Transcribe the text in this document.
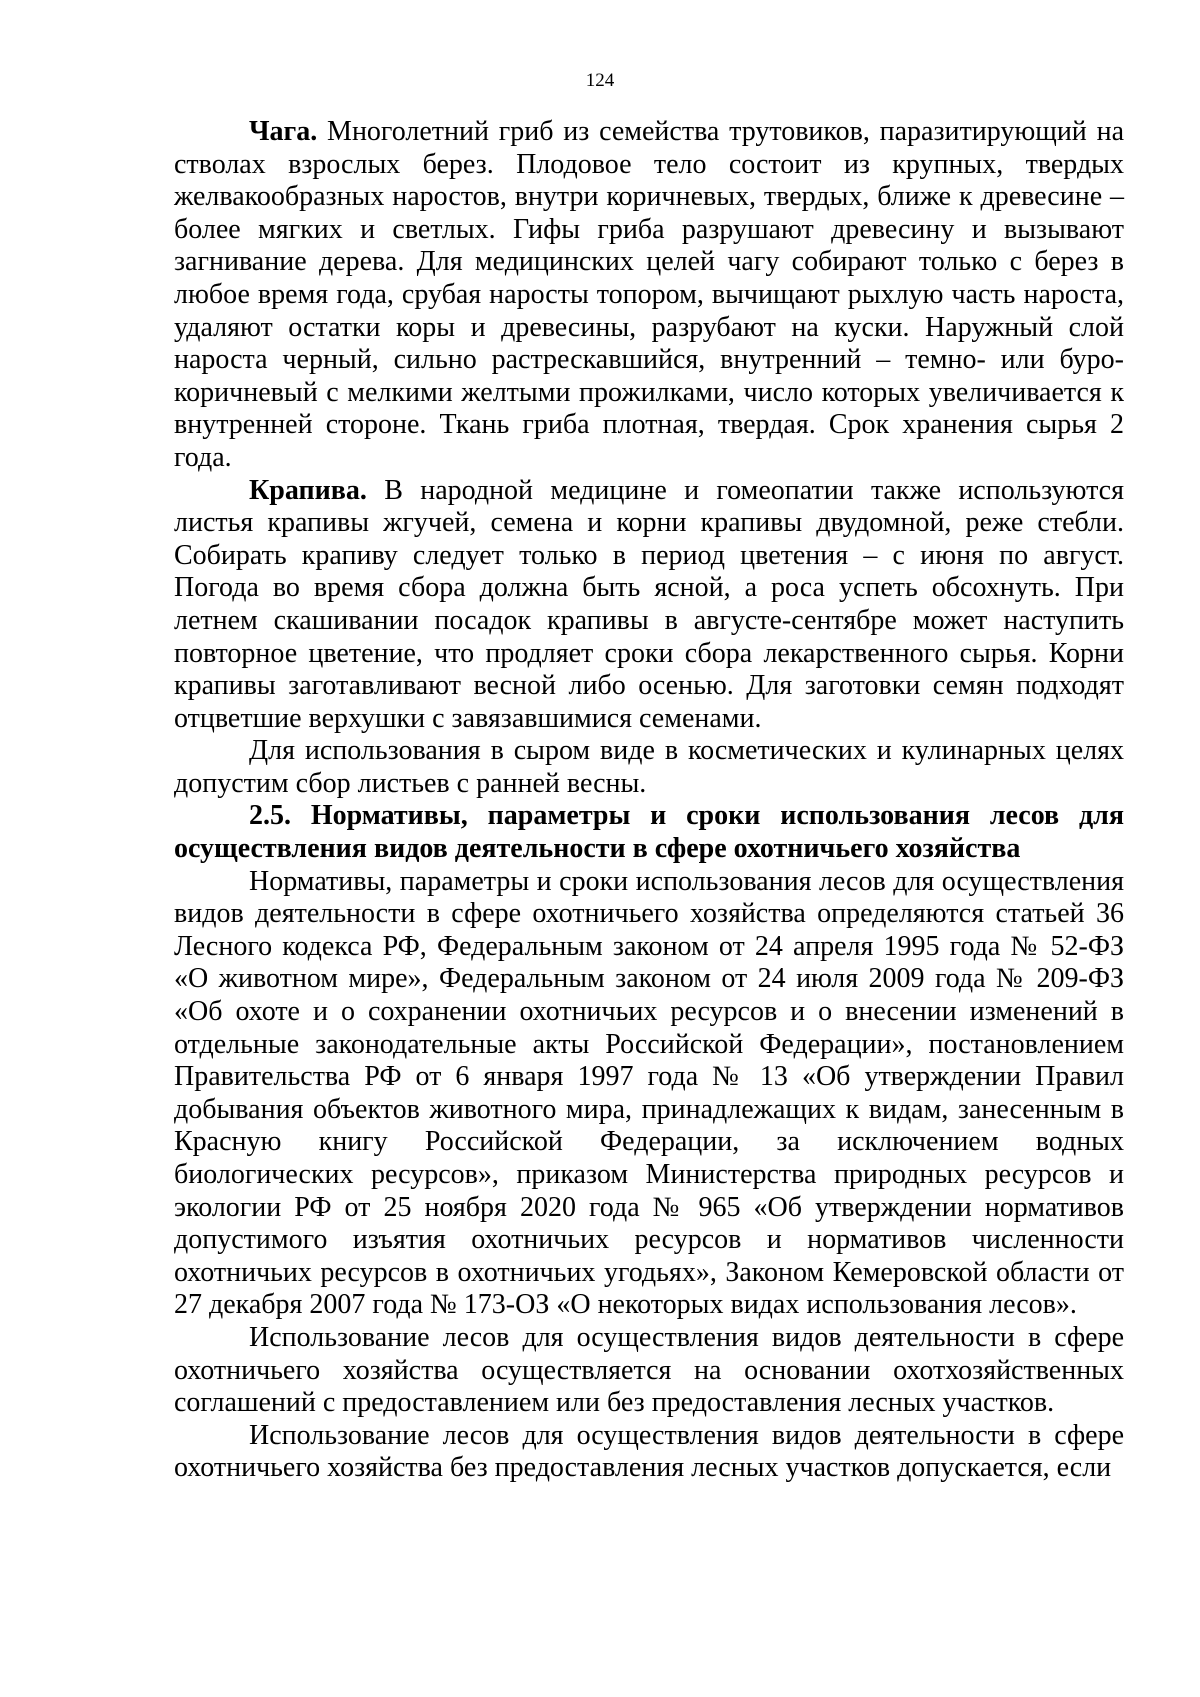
124

Чага. Многолетний гриб из семейства трутовиков, паразитирующий на стволах взрослых берез. Плодовое тело состоит из крупных, твердых желвакообразных наростов, внутри коричневых, твердых, ближе к древесине – более мягких и светлых. Гифы гриба разрушают древесину и вызывают загнивание дерева. Для медицинских целей чагу собирают только с берез в любое время года, срубая наросты топором, вычищают рыхлую часть нароста, удаляют остатки коры и древесины, разрубают на куски. Наружный слой нароста черный, сильно растрескавшийся, внутренний – темно- или буро-коричневый с мелкими желтыми прожилками, число которых увеличивается к внутренней стороне. Ткань гриба плотная, твердая. Срок хранения сырья 2 года.

Крапива. В народной медицине и гомеопатии также используются листья крапивы жгучей, семена и корни крапивы двудомной, реже стебли. Собирать крапиву следует только в период цветения – с июня по август. Погода во время сбора должна быть ясной, а роса успеть обсохнуть. При летнем скашивании посадок крапивы в августе-сентябре может наступить повторное цветение, что продляет сроки сбора лекарственного сырья. Корни крапивы заготавливают весной либо осенью. Для заготовки семян подходят отцветшие верхушки с завязавшимися семенами.

Для использования в сыром виде в косметических и кулинарных целях допустим сбор листьев с ранней весны.

2.5. Нормативы, параметры и сроки использования лесов для осуществления видов деятельности в сфере охотничьего хозяйства

Нормативы, параметры и сроки использования лесов для осуществления видов деятельности в сфере охотничьего хозяйства определяются статьей 36 Лесного кодекса РФ, Федеральным законом от 24 апреля 1995 года № 52-ФЗ «О животном мире», Федеральным законом от 24 июля 2009 года № 209-ФЗ «Об охоте и о сохранении охотничьих ресурсов и о внесении изменений в отдельные законодательные акты Российской Федерации», постановлением Правительства РФ от 6 января 1997 года № 13 «Об утверждении Правил добывания объектов животного мира, принадлежащих к видам, занесенным в Красную книгу Российской Федерации, за исключением водных биологических ресурсов», приказом Министерства природных ресурсов и экологии РФ от 25 ноября 2020 года № 965 «Об утверждении нормативов допустимого изъятия охотничьих ресурсов и нормативов численности охотничьих ресурсов в охотничьих угодьях», Законом Кемеровской области от 27 декабря 2007 года № 173-ОЗ «О некоторых видах использования лесов».

Использование лесов для осуществления видов деятельности в сфере охотничьего хозяйства осуществляется на основании охотхозяйственных соглашений с предоставлением или без предоставления лесных участков.

Использование лесов для осуществления видов деятельности в сфере охотничьего хозяйства без предоставления лесных участков допускается, если
